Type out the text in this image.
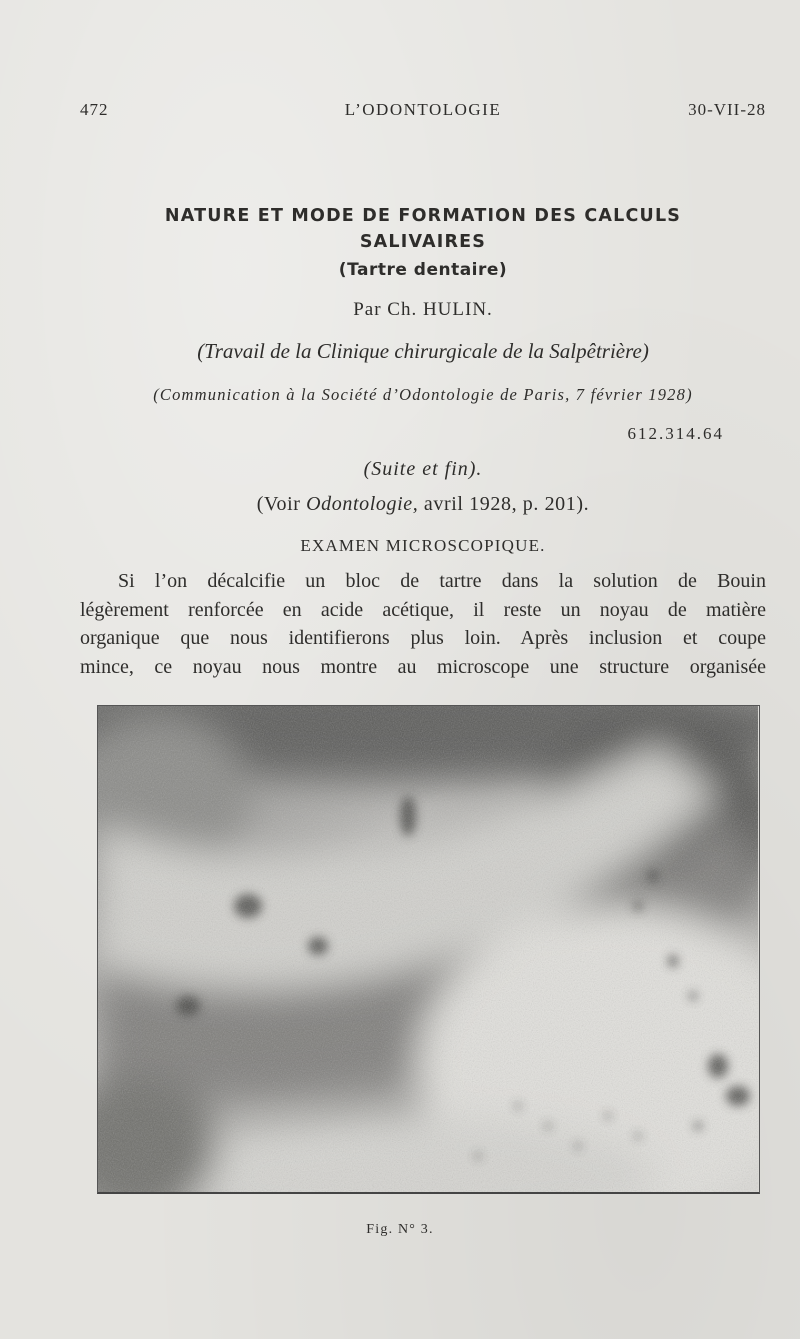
472	L’ODONTOLOGIE	30-VII-28
NATURE ET MODE DE FORMATION DES CALCULS
SALIVAIRES
(Tartre dentaire)
Par Ch. HULIN.
(Travail de la Clinique chirurgicale de la Salpêtrière)
(Communication à la Société d’Odontologie de Paris, 7 février 1928)
612.314.64
(Suite et fin).
(Voir Odontologie, avril 1928, p. 201).
EXAMEN MICROSCOPIQUE.
Si l’on décalcifie un bloc de tartre dans la solution de Bouin
légèrement renforcée en acide acétique, il reste un noyau de matière
organique que nous identifierons plus loin. Après inclusion et coupe
mince, ce noyau nous montre au microscope une structure organisée
Fig. N° 3.
